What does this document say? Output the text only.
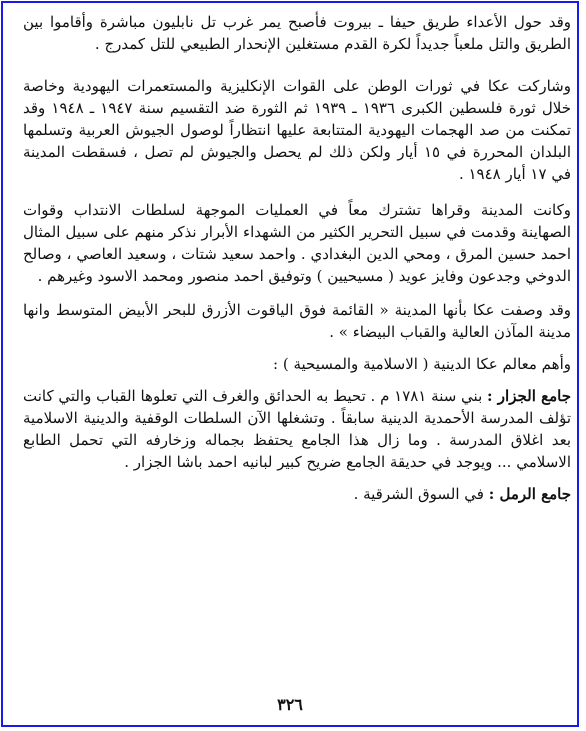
وقد حول الأعداء طريق حيفا ـ بيروت فأصبح يمر غرب تل نابليون مباشرة وأقاموا بين الطريق والتل ملعباً جديداً لكرة القدم مستغلين الإنحدار الطبيعي للتل كمدرج .

وشاركت عكا في ثورات الوطن على القوات الإنكليزية والمستعمرات اليهودية وخاصة خلال ثورة فلسطين الكبرى ١٩٣٦ ـ ١٩٣٩ ثم الثورة ضد التقسيم سنة ١٩٤٧ ـ ١٩٤٨ وقد تمكنت من صد الهجمات اليهودية المتتابعة عليها انتظاراً لوصول الجيوش العربية وتسلمها البلدان المحررة في ١٥ أيار ولكن ذلك لم يحصل والجيوش لم تصل ، فسقطت المدينة في ١٧ أيار ١٩٤٨ .

وكانت المدينة وقراها تشترك معاً في العمليات الموجهة لسلطات الانتداب وقوات الصهاينة وقدمت في سبيل التحرير الكثير من الشهداء الأبرار نذكر منهم على سبيل المثال احمد حسين المرق ، ومحي الدين البغدادي . واحمد سعيد شتات ، وسعيد العاصي ، وصالح الدوخي وجدعون وفايز عويد ( مسيحيين ) وتوفيق احمد منصور ومحمد الاسود وغيرهم .

وقد وصفت عكا بأنها المدينة « القائمة فوق الياقوت الأزرق للبحر الأبيض المتوسط وانها مدينة المآذن العالية والقباب البيضاء » .

وأهم معالم عكا الدينية ( الاسلامية والمسيحية ) :

جامع الجزار : بني سنة ١٧٨١ م . تحيط به الحدائق والغرف التي تعلوها القباب والتي كانت تؤلف المدرسة الأحمدية الدينية سابقاً . وتشغلها الآن السلطات الوقفية والدينية الاسلامية بعد اغلاق المدرسة . وما زال هذا الجامع يحتفظ بجماله وزخارفه التي تحمل الطابع الاسلامي ... ويوجد في حديقة الجامع ضريح كبير لبانيه احمد باشا الجزار .

جامع الرمل : في السوق الشرقية .

٣٢٦
